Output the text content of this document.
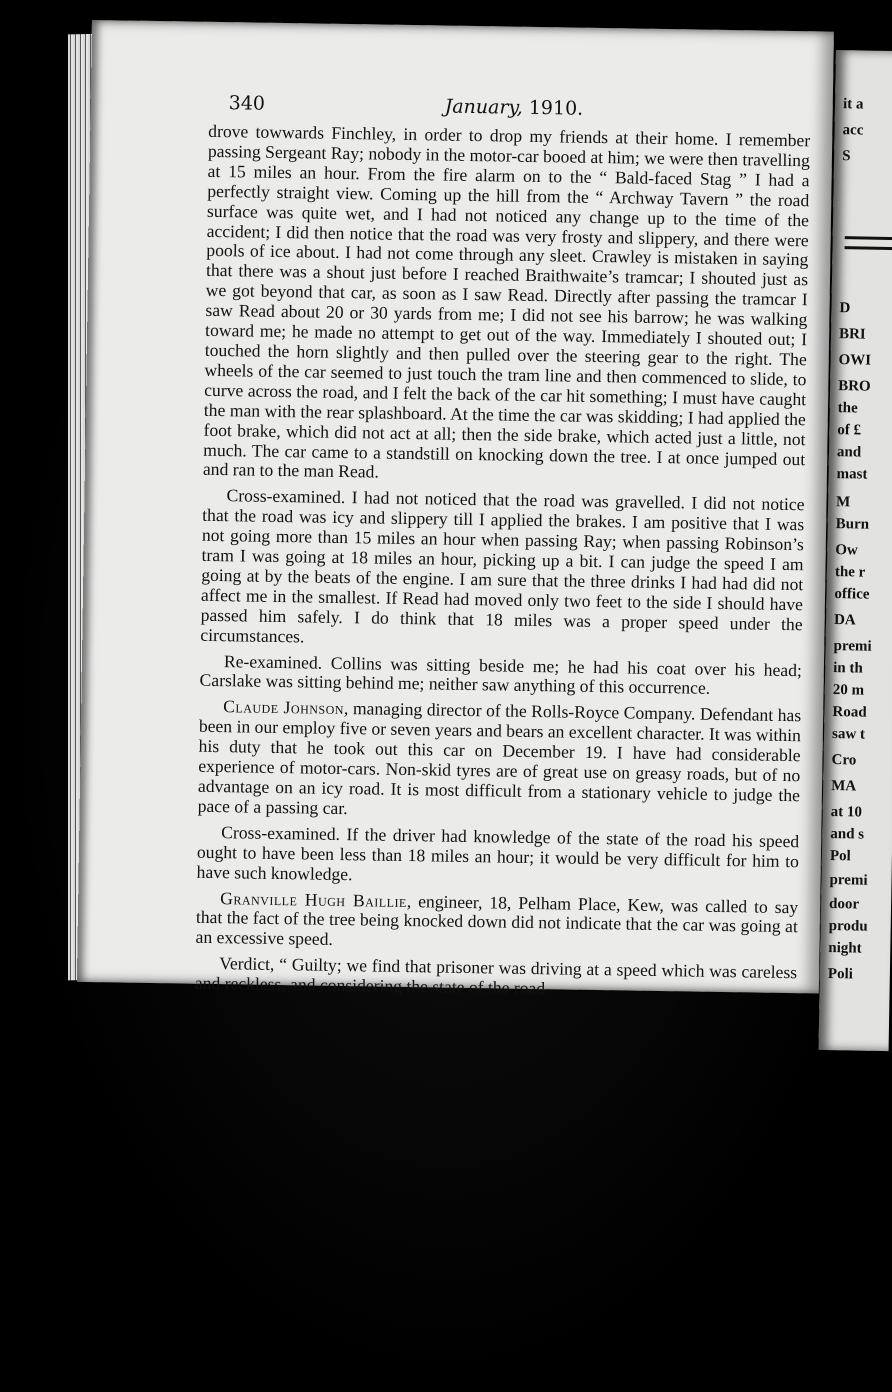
it a
acc
S
D
BRI
OWI
BRO
the
of £
and
mast
M
Burn
Ow
the r
office
DA
premi
in th
20 m
Road
saw t
Cro
MA
at 10
and s
Pol
premi
door
produ
night
Poli
340	January, 1910.

drove towwards Finchley, in order to drop my friends at their home. I remember passing Sergeant Ray; nobody in the motor-car booed at him; we were then travelling at 15 miles an hour. From the fire alarm on to the “ Bald-faced Stag ” I had a perfectly straight view. Coming up the hill from the “ Archway Tavern ” the road surface was quite wet, and I had not noticed any change up to the time of the accident; I did then notice that the road was very frosty and slippery, and there were pools of ice about. I had not come through any sleet. Crawley is mistaken in saying that there was a shout just before I reached Braithwaite’s tramcar; I shouted just as we got beyond that car, as soon as I saw Read. Directly after passing the tramcar I saw Read about 20 or 30 yards from me; I did not see his barrow; he was walking toward me; he made no attempt to get out of the way. Immediately I shouted out; I touched the horn slightly and then pulled over the steering gear to the right. The wheels of the car seemed to just touch the tram line and then commenced to slide, to curve across the road, and I felt the back of the car hit something; I must have caught the man with the rear splashboard. At the time the car was skidding; I had applied the foot brake, which did not act at all; then the side brake, which acted just a little, not much. The car came to a standstill on knocking down the tree. I at once jumped out and ran to the man Read.

Cross-examined. I had not noticed that the road was gravelled. I did not notice that the road was icy and slippery till I applied the brakes. I am positive that I was not going more than 15 miles an hour when passing Ray; when passing Robinson’s tram I was going at 18 miles an hour, picking up a bit. I can judge the speed I am going at by the beats of the engine. I am sure that the three drinks I had had did not affect me in the smallest. If Read had moved only two feet to the side I should have passed him safely. I do think that 18 miles was a proper speed under the circumstances.

Re-examined. Collins was sitting beside me; he had his coat over his head; Carslake was sitting behind me; neither saw anything of this occurrence.

Claude Johnson, managing director of the Rolls-Royce Company. Defendant has been in our employ five or seven years and bears an excellent character. It was within his duty that he took out this car on December 19. I have had considerable experience of motor-cars. Non-skid tyres are of great use on greasy roads, but of no advantage on an icy road. It is most difficult from a stationary vehicle to judge the pace of a passing car.

Cross-examined. If the driver had knowledge of the state of the road his speed ought to have been less than 18 miles an hour; it would be very difficult for him to have such knowledge.

Granville Hugh Baillie, engineer, 18, Pelham Place, Kew, was called to say that the fact of the tree being knocked down did not indicate that the car was going at an excessive speed.

Verdict, “ Guilty; we find that prisoner was driving at a speed which was careless and reckless, and considering the state of the road
